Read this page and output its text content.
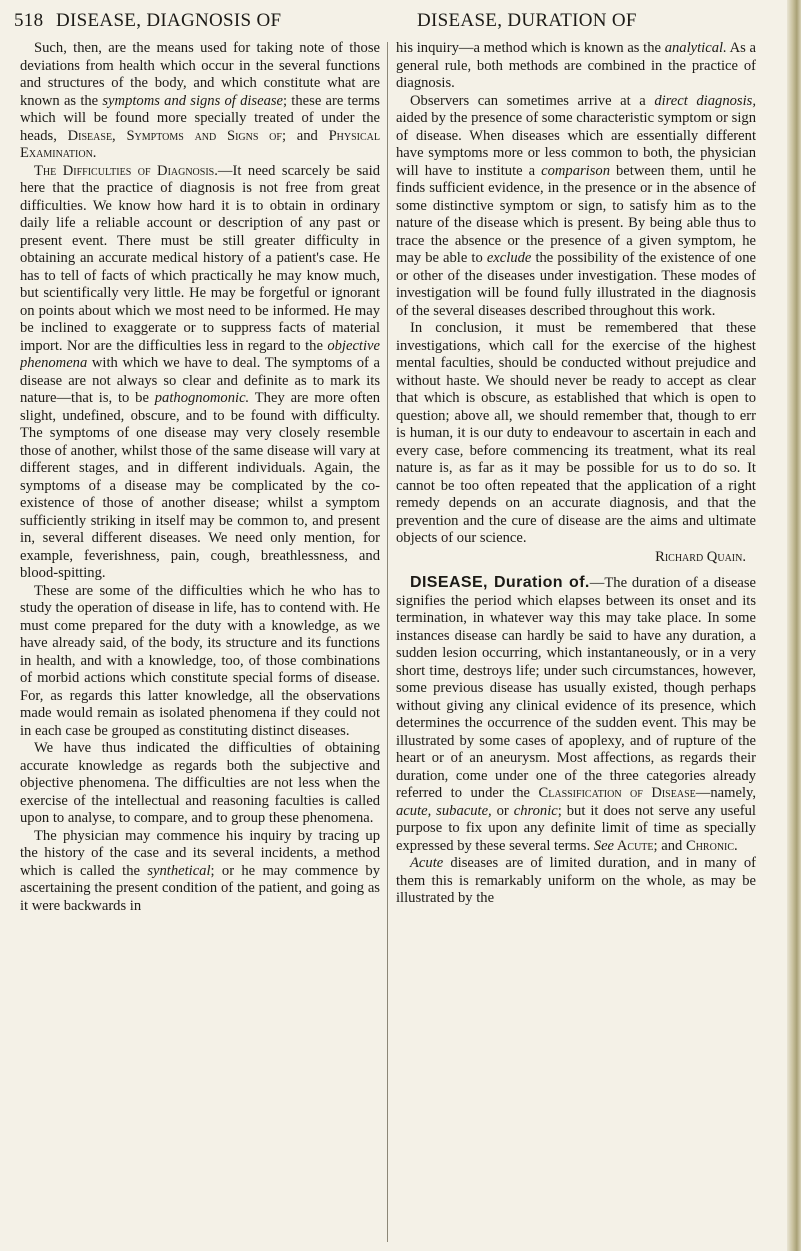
518 DISEASE, DIAGNOSIS OF	DISEASE, DURATION OF

Such, then, are the means used for taking note of those deviations from health which occur in the several functions and structures of the body, and which constitute what are known as the symptoms and signs of disease; these are terms which will be found more specially treated of under the heads, Disease, Symptoms and Signs of; and Physical Examination.

The Difficulties of Diagnosis.—It need scarcely be said here that the practice of diagnosis is not free from great difficulties. We know how hard it is to obtain in ordinary daily life a reliable account or description of any past or present event. There must be still greater difficulty in obtaining an accurate medical history of a patient's case. He has to tell of facts of which practically he may know much, but scientifically very little. He may be forgetful or ignorant on points about which we most need to be informed. He may be inclined to exaggerate or to suppress facts of material import. Nor are the difficulties less in regard to the objective phenomena with which we have to deal. The symptoms of a disease are not always so clear and definite as to mark its nature—that is, to be pathognomonic. They are more often slight, undefined, obscure, and to be found with difficulty. The symptoms of one disease may very closely resemble those of another, whilst those of the same disease will vary at different stages, and in different individuals. Again, the symptoms of a disease may be complicated by the co-existence of those of another disease; whilst a symptom sufficiently striking in itself may be common to, and present in, several different diseases. We need only mention, for example, feverishness, pain, cough, breathlessness, and blood-spitting.

These are some of the difficulties which he who has to study the operation of disease in life, has to contend with. He must come prepared for the duty with a knowledge, as we have already said, of the body, its structure and its functions in health, and with a knowledge, too, of those combinations of morbid actions which constitute special forms of disease. For, as regards this latter knowledge, all the observations made would remain as isolated phenomena if they could not in each case be grouped as constituting distinct diseases.

We have thus indicated the difficulties of obtaining accurate knowledge as regards both the subjective and objective phenomena. The difficulties are not less when the exercise of the intellectual and reasoning faculties is called upon to analyse, to compare, and to group these phenomena.

The physician may commence his inquiry by tracing up the history of the case and its several incidents, a method which is called the synthetical; or he may commence by ascertaining the present condition of the patient, and going as it were backwards in

his inquiry—a method which is known as the analytical. As a general rule, both methods are combined in the practice of diagnosis.

Observers can sometimes arrive at a direct diagnosis, aided by the presence of some characteristic symptom or sign of disease. When diseases which are essentially different have symptoms more or less common to both, the physician will have to institute a comparison between them, until he finds sufficient evidence, in the presence or in the absence of some distinctive symptom or sign, to satisfy him as to the nature of the disease which is present. By being able thus to trace the absence or the presence of a given symptom, he may be able to exclude the possibility of the existence of one or other of the diseases under investigation. These modes of investigation will be found fully illustrated in the diagnosis of the several diseases described throughout this work.

In conclusion, it must be remembered that these investigations, which call for the exercise of the highest mental faculties, should be conducted without prejudice and without haste. We should never be ready to accept as clear that which is obscure, as established that which is open to question; above all, we should remember that, though to err is human, it is our duty to endeavour to ascertain in each and every case, before commencing its treatment, what its real nature is, as far as it may be possible for us to do so. It cannot be too often repeated that the application of a right remedy depends on an accurate diagnosis, and that the prevention and the cure of disease are the aims and ultimate objects of our science.

Richard Quain.

DISEASE, Duration of.—The duration of a disease signifies the period which elapses between its onset and its termination, in whatever way this may take place. In some instances disease can hardly be said to have any duration, a sudden lesion occurring, which instantaneously, or in a very short time, destroys life; under such circumstances, however, some previous disease has usually existed, though perhaps without giving any clinical evidence of its presence, which determines the occurrence of the sudden event. This may be illustrated by some cases of apoplexy, and of rupture of the heart or of an aneurysm. Most affections, as regards their duration, come under one of the three categories already referred to under the Classification of Disease—namely, acute, subacute, or chronic; but it does not serve any useful purpose to fix upon any definite limit of time as specially expressed by these several terms. See Acute; and Chronic.

Acute diseases are of limited duration, and in many of them this is remarkably uniform on the whole, as may be illustrated by the
